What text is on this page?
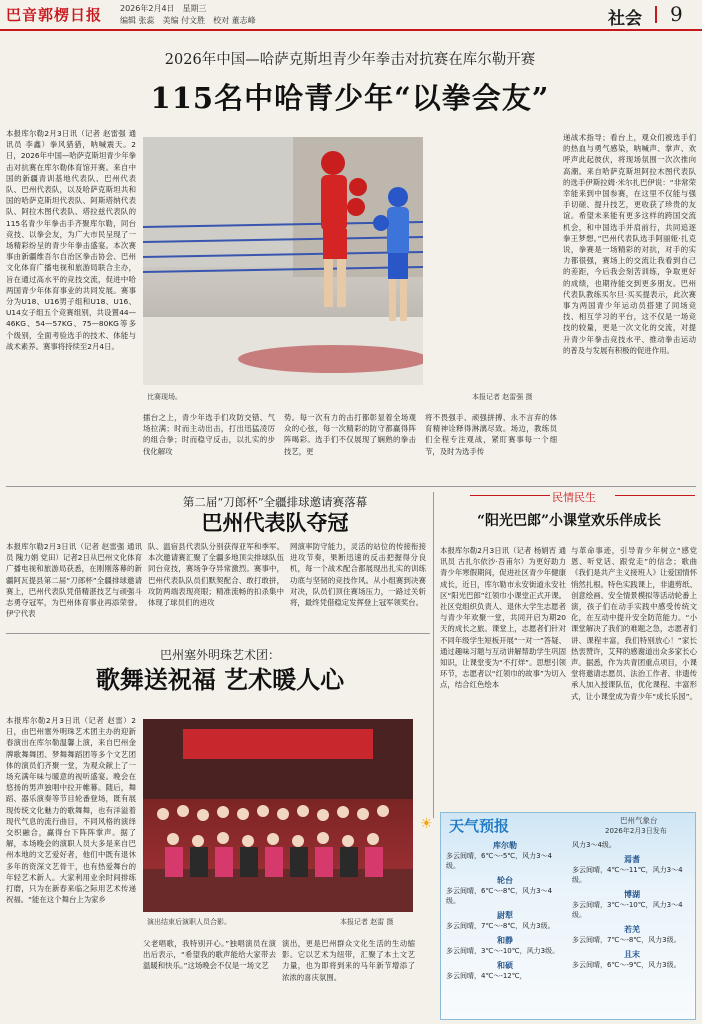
巴音郭楞日报 2026年2月4日　星期三
编辑 张蕊　美编 付文胜　校对 董志峰	社会 9
2026年中国—哈萨克斯坦青少年拳击对抗赛在库尔勒开赛
115名中哈青少年“以拳会友”
本报库尔勒2月3日讯（记者 赵雷强 通讯员 李鑫）拳风猎猎，呐喊震天。2日，2026年中国—哈萨克斯坦青少年拳击对抗赛在库尔勒体育馆开赛。来自中国的新疆青训基地代表队、巴州代表队、巴州代表队，以及哈萨克斯坦共和国的哈萨克斯坦代表队、阿斯塔纳代表队、阿拉木图代表队、塔拉兹代表队的115名青少年拳击手齐聚库尔勒，同台竞技、以拳会友，为广大市民呈现了一场精彩纷呈的青少年拳击盛宴。本次赛事由新疆维吾尔自治区拳击协会、巴州文化体育广播电视和旅游局联合主办，旨在通过高水平的竞技交流，促进中哈两国青少年体育事业的共同发展。赛事分为U18、U16男子组和U18、U16、U14女子组五个竞赛组别，共设置44—46KG、54—57KG、75—80KG等多个级别，全面考验选手的技术、体能与战术素养。赛事将持续至2月4日。
比赛现场。	本报记者 赵雷强 摄
擂台之上，青少年选手们攻防交错、气场拉满；时而主动出击，打出迅猛凌厉的组合拳；时而稳守反击，以扎实的步伐化解攻
势。每一次有力的击打都彰显着全场观众的心弦，每一次精彩的防守都赢得阵阵喝彩。选手们不仅展现了娴熟的拳击技艺，更
将不畏强手、顽强拼搏、永不言弃的体育精神诠释得淋漓尽致。场边，教练员们全程专注观战，紧盯赛事每一个细节，及时为选手传
递战术指导；看台上，观众们被选手们的热血与勇气感染，呐喊声、掌声、欢呼声此起彼伏，将现场氛围一次次推向高潮。来自哈萨克斯坦阿拉木图代表队的选手伊斯拉姆·米尔扎巴伊说：“非常荣幸能来到中国参赛，在这里不仅能与强手切磋、提升技艺，更收获了珍贵的友谊。希望未来能有更多这样的跨国交流机会，和中国选手并肩前行，共同追逐拳王梦想。”巴州代表队选手阿丽娅·扎克说，拳赛是一场精彩的对抗，对手的实力都很强，赛场上的交流让我看到自己的差距，今后我会刻苦训练，争取更好的成绩，也期待能交到更多朋友。巴州代表队教练买尔旦·买买提表示，此次赛事为两国青少年运动员搭建了同场竞技、相互学习的平台，这不仅是一场竞技的较量，更是一次文化的交流，对提升青少年拳击竞技水平、推动拳击运动的普及与发展有积极的促进作用。
第二届“刀郎杯”全疆排球邀请赛落幕
巴州代表队夺冠
本报库尔勒2月3日讯（记者 赵雷强 通讯员 隗力娟 党田）记者2日从巴州文化体育广播电视和旅游局获悉，在刚刚落幕的新疆阿瓦提县第二届“刀郎杯”全疆排球邀请赛上，巴州代表队凭借精湛技艺与顽强斗志勇夺冠军，为巴州体育事业再添荣誉。伊宁代表
队、温宿县代表队分别获得亚军和季军。本次邀请赛汇聚了全疆多地顶尖排球队伍同台竞技，赛场争夺异常激烈。赛事中，巴州代表队队员们默契配合、敢打敢拼，攻防两端表现亮眼；精准流畅的扣杀集中体现了球员们的进攻
网演率防守能力，灵活的站位的传接衔接进攻节奏，果断迅速的反击把握得分良机，每一个战术配合都展现出扎实的训练功底与坚韧的竞技作风。从小组赛到决赛对决，队员们顶住赛场压力，一路过关斩将，最终凭借稳定发挥登上冠军领奖台。
巴州塞外明珠艺术团：
歌舞送祝福 艺术暖人心
本报库尔勒2月3日讯（记者 赵雷）2日，由巴州塞外明珠艺术团主办的迎新春演出在库尔勒温馨上演，来自巴州金牌歌舞舞团、梦舞舞蹈团等多个文艺团体的演员们齐聚一堂，为观众献上了一场充满年味与暖意的视听盛宴。晚会在悠扬的男声独唱中拉开帷幕。随后，舞蹈、器乐演奏等节目轮番登场，既有展现传统文化魅力的歌舞舞，也有洋溢着现代气息的流行曲目，不同风格的演绎交织融合，赢得台下阵阵掌声。据了解，本场晚会的演职人员大多是来自巴州本地的文艺爱好者，他们中既有退休多年的资深文艺骨干，也有热爱舞台的年轻艺术新人。大家利用业余时间排练打磨，只为在新春来临之际用艺术传递祝福。“能在这个舞台上为家乡
演出结束后演职人员合影。	本报记者 赵雷 摄
父老唱歌，我特别开心。”独唱演员在演出后表示，“希望我的歌声能给大家带去温暖和快乐。”这场晚会不仅是一场文艺
演出，更是巴州群众文化生活的生动缩影。它以艺术为纽带，汇聚了本土文艺力量，也为即将到来的马年新节增添了浓浓的喜庆氛围。
民情民生
“阳光巴郎”小课堂欢乐伴成长
本报库尔勒2月3日讯（记者 杨娟宵 通讯员 古扎尔依沙·吾甫尔）为更好助力青少年寒假期间，促进社区青少年健康成长，近日，库尔勒市永安街道永安社区“阳光巴郎”红领巾小课堂正式开课。社区党组织负责人、退休大学生志愿者与青少年欢聚一堂，共同开启为期20天的成长之旅。课堂上，志愿者们针对不同年级学生短板开展“一对一”答疑、通过趣味习题与互动讲解帮助学生巩固知识，让课堂变为“不打烊”。思想引领环节，志愿者以“红领巾的故事”为切入点，结合红色绘本
与革命事迹，引导青少年树立“感党恩、听党话、跟党走”的信念；歌曲《我们是共产主义接班人》让爱国情怀悄然扎根。特色实践课上，非遗剪纸、创意绘画、安全情景模拟等活动轮番上演，孩子们在动手实践中感受传统文化，在互动中提升安全防范能力。“小课堂解决了我们的难题之急，志愿者们讲、课程丰富，我们特别放心！”家长热衷赞许，艾拜的感谢道出众多家长心声。据悉，作为共青团重点项目，小课堂将邀请志愿员、法治工作者、非遗传承人加入授课队伍，优化课程、丰富形式，让小课堂成为青少年“成长乐园”。
天气预报
☀	巴州气象台
2026年2月3日发布
库尔勒
多云间晴，6℃～-5℃，风力3～4级。
轮台
多云间晴，6℃～-8℃，风力3～4级。
尉犁
多云间晴，7℃～-8℃，风力3级。
和静
多云间晴，3℃～-10℃，风力3级。
和硕
多云间晴，4℃～-12℃，
风力3～4级。
焉耆
多云间晴，4℃～-11℃，风力3～4级。
博湖
多云间晴，3℃～-10℃，风力3～4级。
若羌
多云间晴，7℃～-8℃，风力3级。
且末
多云间晴，6℃～-9℃，风力3级。
